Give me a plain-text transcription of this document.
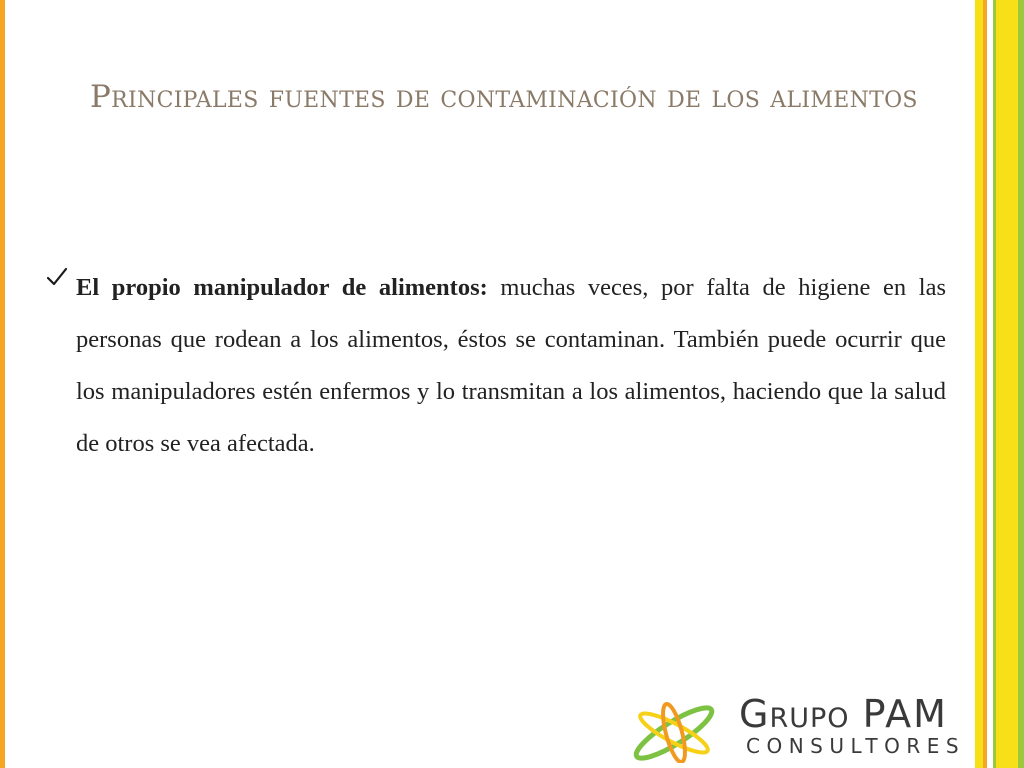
Principales fuentes de contaminación de los alimentos

El propio manipulador de alimentos: muchas veces, por falta de higiene en las personas que rodean a los alimentos, éstos se contaminan. También puede ocurrir que los manipuladores estén enfermos y lo transmitan a los alimentos, haciendo que la salud de otros se vea afectada.

Grupo PAM
CONSULTORES
